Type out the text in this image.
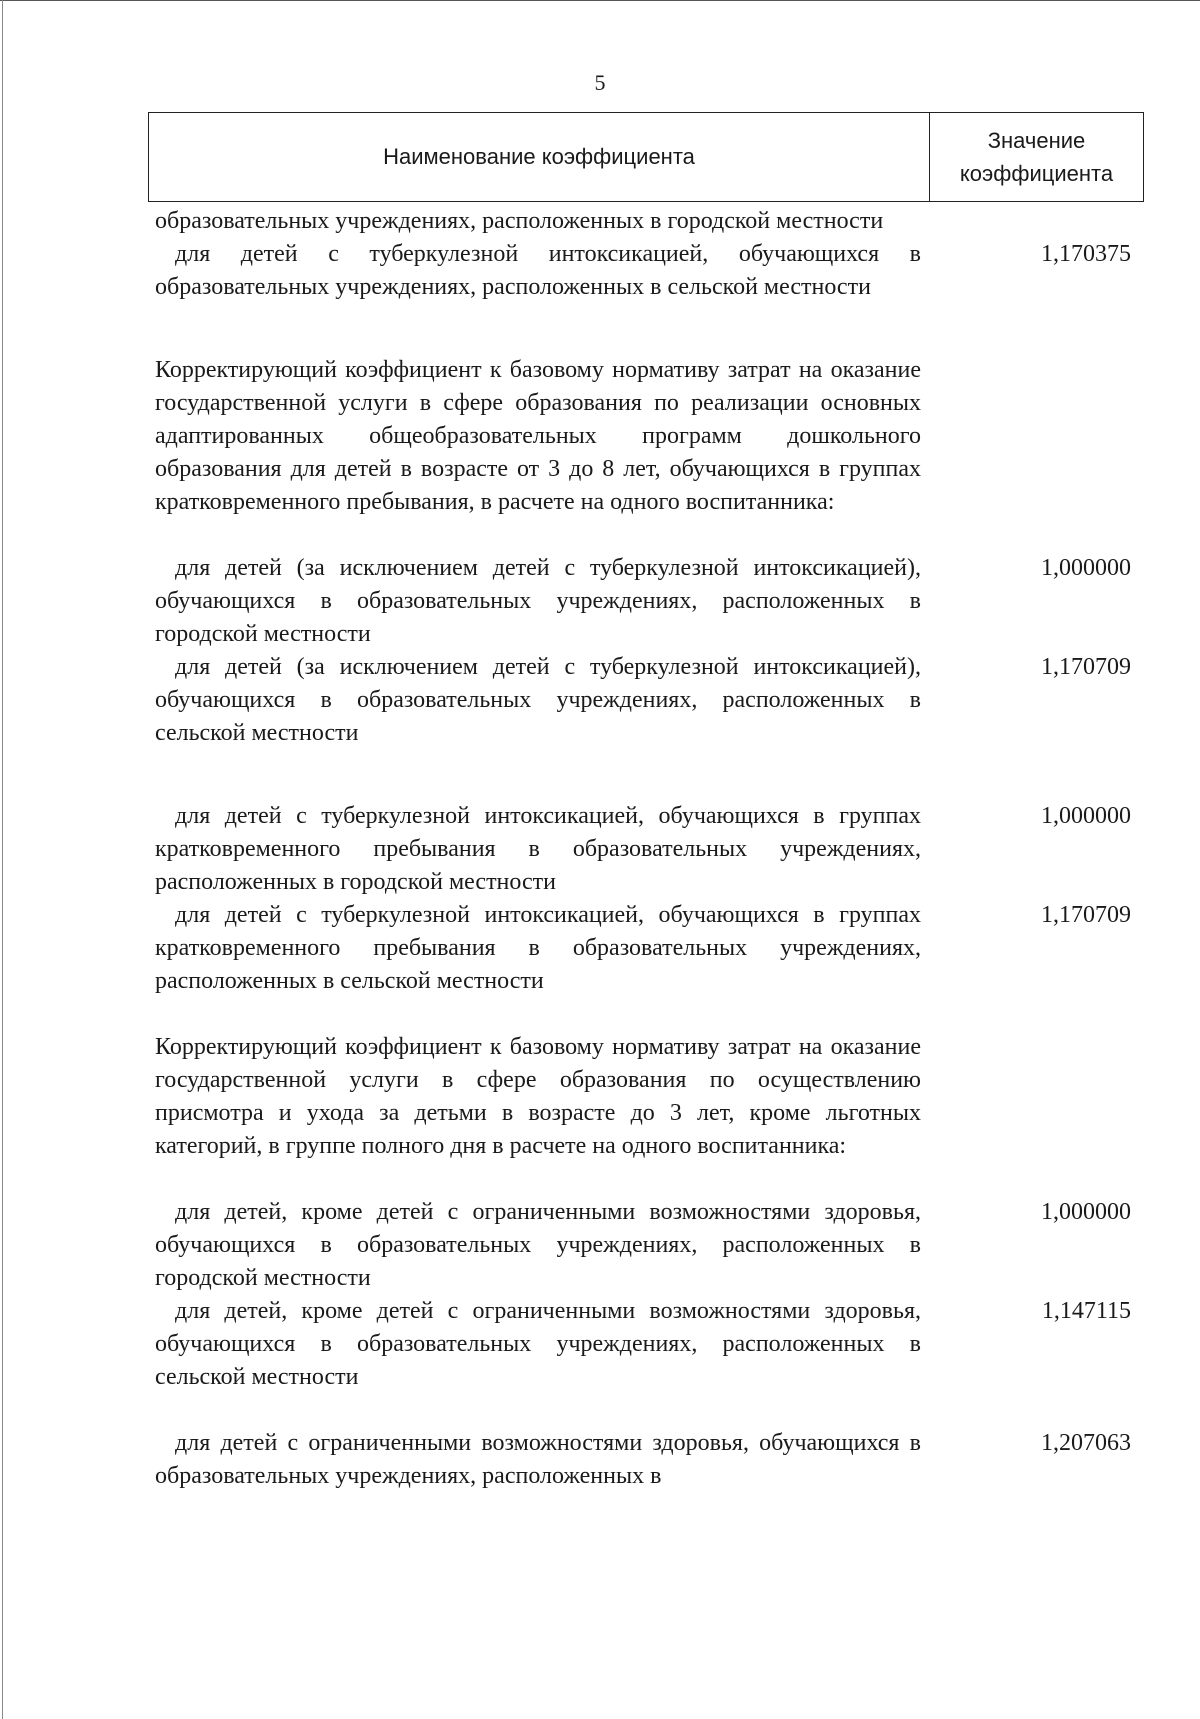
5
Наименование коэффициента
Значение коэффициента
образовательных учреждениях, расположенных в городской местности
для детей с туберкулезной интоксикацией, обучающихся в образовательных учреждениях, расположенных в сельской местности
1,170375
Корректирующий коэффициент к базовому нормативу затрат на оказание государственной услуги в сфере образования по реализации основных адаптированных общеобразовательных программ дошкольного образования для детей в возрасте от 3 до 8 лет, обучающихся в группах кратковременного пребывания, в расчете на одного воспитанника:
для детей (за исключением детей с туберкулезной интоксикацией), обучающихся в образовательных учреждениях, расположенных в городской местности
1,000000
для детей (за исключением детей с туберкулезной интоксикацией), обучающихся в образовательных учреждениях, расположенных в сельской местности
1,170709
для детей с туберкулезной интоксикацией, обучающихся в группах кратковременного пребывания в образовательных учреждениях, расположенных в городской местности
1,000000
для детей с туберкулезной интоксикацией, обучающихся в группах кратковременного пребывания в образовательных учреждениях, расположенных в сельской местности
1,170709
Корректирующий коэффициент к базовому нормативу затрат на оказание государственной услуги в сфере образования по осуществлению присмотра и ухода за детьми в возрасте до 3 лет, кроме льготных категорий, в группе полного дня в расчете на одного воспитанника:
для детей, кроме детей с ограниченными возможностями здоровья, обучающихся в образовательных учреждениях, расположенных в городской местности
1,000000
для детей, кроме детей с ограниченными возможностями здоровья, обучающихся в образовательных учреждениях, расположенных в сельской местности
1,147115
для детей с ограниченными возможностями здоровья, обучающихся в образовательных учреждениях, расположенных в
1,207063
